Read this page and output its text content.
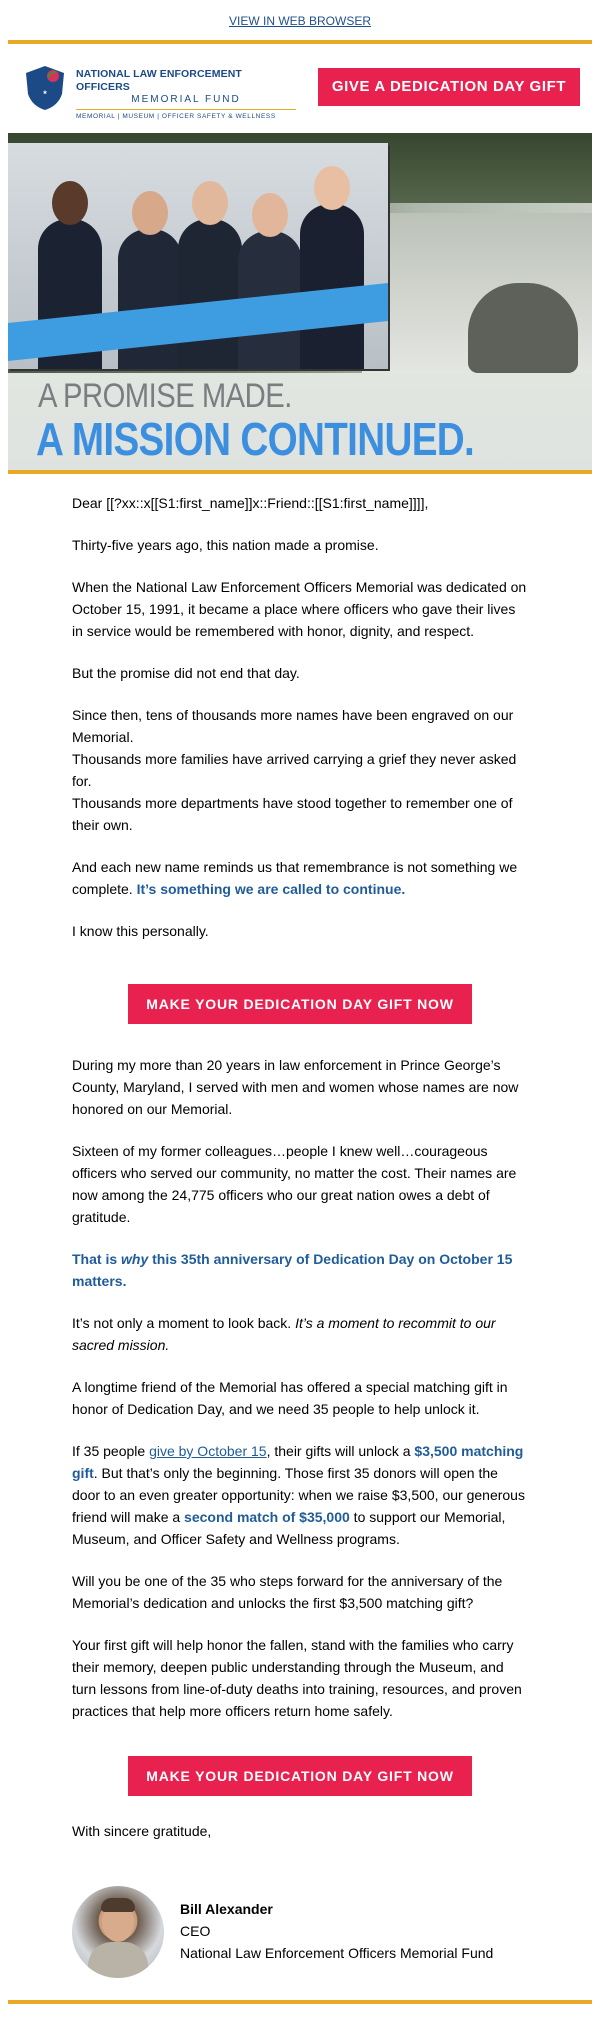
VIEW IN WEB BROWSER
*
NATIONAL LAW ENFORCEMENT OFFICERS
MEMORIAL FUND
MEMORIAL | MUSEUM | OFFICER SAFETY & WELLNESS
GIVE A DEDICATION DAY GIFT
A PROMISE MADE.
A MISSION CONTINUED.

Dear [[?xx::x[[S1:first_name]]x::Friend::[[S1:first_name]]]],

Thirty-five years ago, this nation made a promise.

When the National Law Enforcement Officers Memorial was dedicated on October 15, 1991, it became a place where officers who gave their lives in service would be remembered with honor, dignity, and respect.

But the promise did not end that day.

Since then, tens of thousands more names have been engraved on our Memorial.
Thousands more families have arrived carrying a grief they never asked for.
Thousands more departments have stood together to remember one of their own.

And each new name reminds us that remembrance is not something we complete. It’s something we are called to continue.

I know this personally.

MAKE YOUR DEDICATION DAY GIFT NOW

During my more than 20 years in law enforcement in Prince George’s County, Maryland, I served with men and women whose names are now honored on our Memorial.

Sixteen of my former colleagues…people I knew well…courageous officers who served our community, no matter the cost. Their names are now among the 24,775 officers who our great nation owes a debt of gratitude.

That is why this 35th anniversary of Dedication Day on October 15 matters.

It’s not only a moment to look back. It’s a moment to recommit to our sacred mission.

A longtime friend of the Memorial has offered a special matching gift in honor of Dedication Day, and we need 35 people to help unlock it.

If 35 people give by October 15, their gifts will unlock a $3,500 matching gift. But that’s only the beginning. Those first 35 donors will open the door to an even greater opportunity: when we raise $3,500, our generous friend will make a second match of $35,000 to support our Memorial, Museum, and Officer Safety and Wellness programs.

Will you be one of the 35 who steps forward for the anniversary of the Memorial’s dedication and unlocks the first $3,500 matching gift?

Your first gift will help honor the fallen, stand with the families who carry their memory, deepen public understanding through the Museum, and turn lessons from line-of-duty deaths into training, resources, and proven practices that help more officers return home safely.

MAKE YOUR DEDICATION DAY GIFT NOW

With sincere gratitude,

Bill Alexander
CEO
National Law Enforcement Officers Memorial Fund
